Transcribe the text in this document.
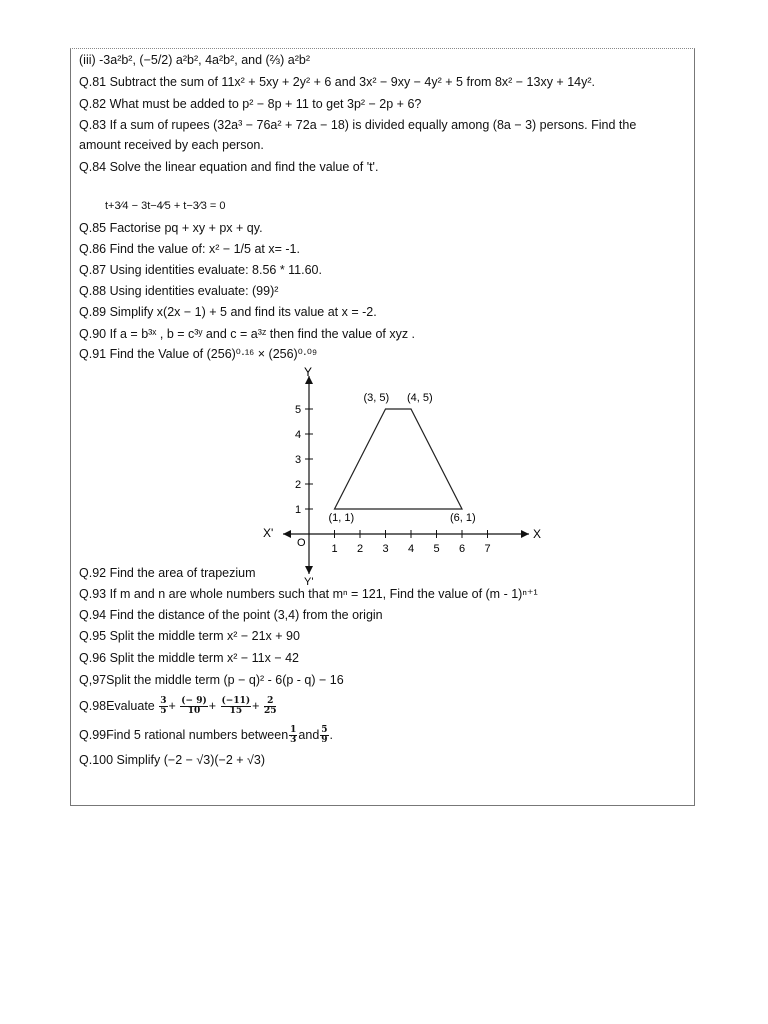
(iii) -3a²b², (−5/2) a²b², 4a²b², and (⅔) a²b²
Q.81 Subtract the sum of 11x² + 5xy + 2y² + 6 and 3x² − 9xy − 4y² + 5 from 8x² − 13xy + 14y².
Q.82 What must be added to p² − 8p + 11 to get 3p² − 2p + 6?
Q.83 If a sum of rupees (32a³ − 76a² + 72a − 18) is divided equally among (8a − 3) persons. Find the
amount received by each person.
Q.84 Solve the linear equation and find the value of 't'.
t+3⁄4 − 3t−4⁄5 + t−3⁄3 = 0
Q.85 Factorise pq + xy + px + qy.
Q.86 Find the value of: x² − 1/5 at x= -1.
Q.87 Using identities evaluate: 8.56 * 11.60.
Q.88 Using identities evaluate: (99)²
Q.89 Simplify x(2x − 1) + 5 and find its value at x = -2.
Q.90 If a = b³ˣ , b = c³ʸ and c = a³ᶻ then find the value of xyz .
Q.91 Find the Value of (256)⁰·¹⁶ × (256)⁰·⁰⁹
X
X'
Y
Y'
O 1 2 3 4 5 6 7
1
2
3
4
5
(1, 1)
(3, 5) (4, 5)
(6, 1)
Q.92 Find the area of trapezium
Q.93 If m and n are whole numbers such that mⁿ = 121, Find the value of (m - 1)ⁿ⁺¹
Q.94 Find the distance of the point (3,4) from the origin
Q.95 Split the middle term x² − 21x + 90
Q.96 Split the middle term x² − 11x − 42
Q,97Split the middle term (p − q)² - 6(p - q) − 16
Q.98Evaluate $\frac{3}{5} + \frac{(- 9)}{10} + \frac{(-11)}{15} + \frac{2}{25}$
Q.99Find 5 rational numbers between $\frac{1}{3}$ and $\frac{5}{9}$ .
Q.100 Simplify (−2 − √3)(−2 + √3)
